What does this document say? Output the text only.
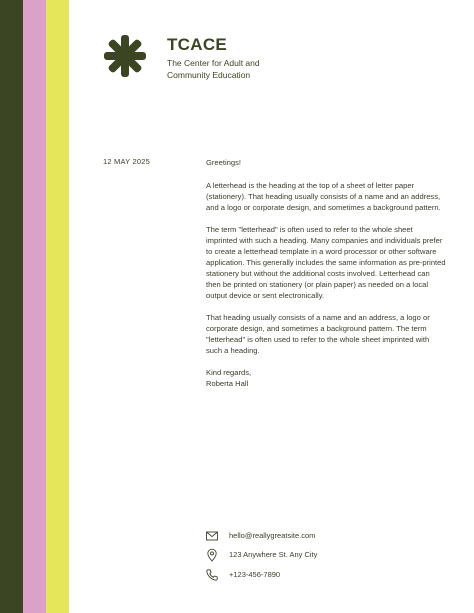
TCACE
The Center for Adult and Community Education
12 MAY 2025	Greetings!

A letterhead is the heading at the top of a sheet of letter paper (stationery). That heading usually consists of a name and an address, and a logo or corporate design, and sometimes a background pattern.

The term "letterhead" is often used to refer to the whole sheet imprinted with such a heading. Many companies and individuals prefer to create a letterhead template in a word processor or other software application. This generally includes the same information as pre-printed stationery but without the additional costs involved. Letterhead can then be printed on stationery (or plain paper) as needed on a local output device or sent electronically.

That heading usually consists of a name and an address, a logo or corporate design, and sometimes a background pattern. The term "letterhead" is often used to refer to the whole sheet imprinted with such a heading.

Kind regards,

Roberta Hall

hello@reallygreatsite.com
123 Anywhere St. Any City
+123-456-7890
